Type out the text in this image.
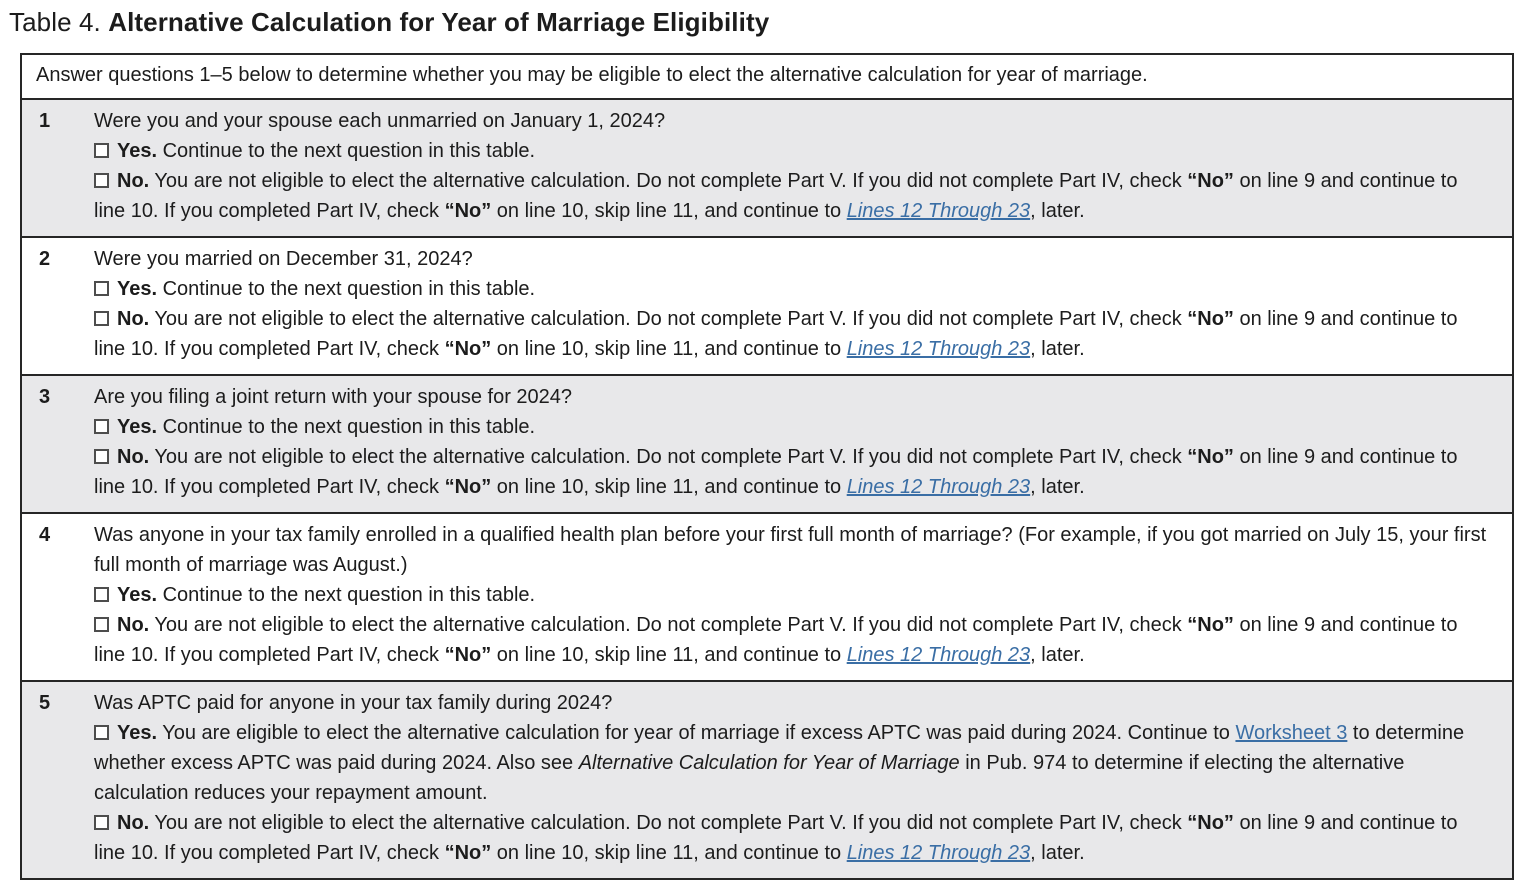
Table 4. Alternative Calculation for Year of Marriage Eligibility
Answer questions 1–5 below to determine whether you may be eligible to elect the alternative calculation for year of marriage.
1	Were you and your spouse each unmarried on January 1, 2024?
Yes. Continue to the next question in this table.
No. You are not eligible to elect the alternative calculation. Do not complete Part V. If you did not complete Part IV, check “No” on line 9 and continue to line 10. If you completed Part IV, check “No” on line 10, skip line 11, and continue to Lines 12 Through 23, later.
2	Were you married on December 31, 2024?
Yes. Continue to the next question in this table.
No. You are not eligible to elect the alternative calculation. Do not complete Part V. If you did not complete Part IV, check “No” on line 9 and continue to line 10. If you completed Part IV, check “No” on line 10, skip line 11, and continue to Lines 12 Through 23, later.
3	Are you filing a joint return with your spouse for 2024?
Yes. Continue to the next question in this table.
No. You are not eligible to elect the alternative calculation. Do not complete Part V. If you did not complete Part IV, check “No” on line 9 and continue to line 10. If you completed Part IV, check “No” on line 10, skip line 11, and continue to Lines 12 Through 23, later.
4	Was anyone in your tax family enrolled in a qualified health plan before your first full month of marriage? (For example, if you got married on July 15, your first full month of marriage was August.)
Yes. Continue to the next question in this table.
No. You are not eligible to elect the alternative calculation. Do not complete Part V. If you did not complete Part IV, check “No” on line 9 and continue to line 10. If you completed Part IV, check “No” on line 10, skip line 11, and continue to Lines 12 Through 23, later.
5	Was APTC paid for anyone in your tax family during 2024?
Yes. You are eligible to elect the alternative calculation for year of marriage if excess APTC was paid during 2024. Continue to Worksheet 3 to determine whether excess APTC was paid during 2024. Also see Alternative Calculation for Year of Marriage in Pub. 974 to determine if electing the alternative calculation reduces your repayment amount.
No. You are not eligible to elect the alternative calculation. Do not complete Part V. If you did not complete Part IV, check “No” on line 9 and continue to line 10. If you completed Part IV, check “No” on line 10, skip line 11, and continue to Lines 12 Through 23, later.
